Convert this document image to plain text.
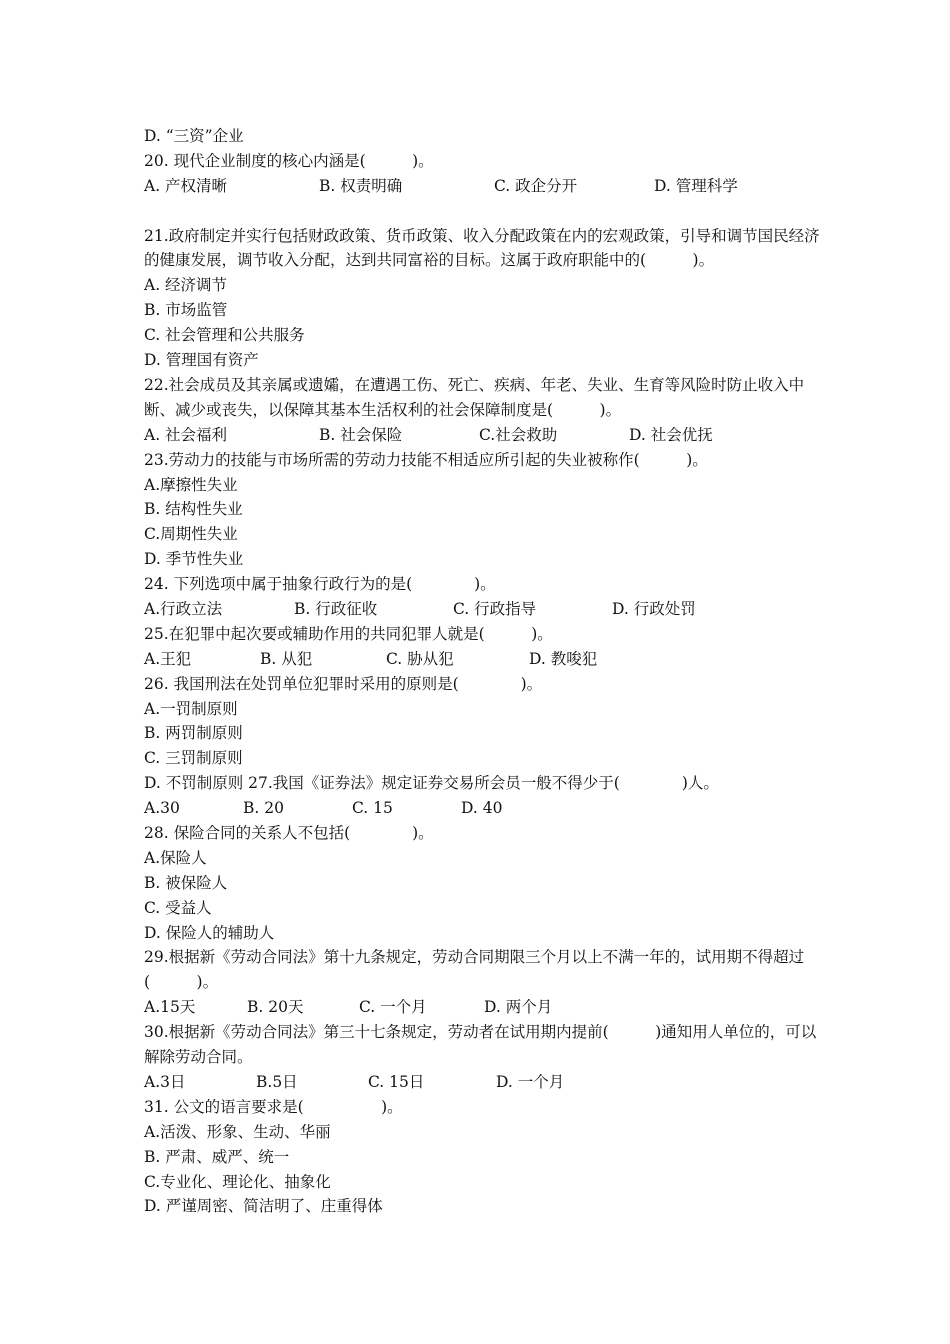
D. “三资”企业
20. 现代企业制度的核心内涵是(　　　)。
A. 产权清晰	B. 权责明确	C. 政企分开	D. 管理科学
21.政府制定并实行包括财政政策、货币政策、收入分配政策在内的宏观政策，引导和调节国民经济的健康发展，调节收入分配，达到共同富裕的目标。这属于政府职能中的(　　　)。
A. 经济调节
B. 市场监管
C. 社会管理和公共服务
D. 管理国有资产
22.社会成员及其亲属或遗孀，在遭遇工伤、死亡、疾病、年老、失业、生育等风险时防止收入中断、减少或丧失，以保障其基本生活权利的社会保障制度是(　　　)。
A. 社会福利	B. 社会保险	C.社会救助	D. 社会优抚
23.劳动力的技能与市场所需的劳动力技能不相适应所引起的失业被称作(　　　)。
A.摩擦性失业
B. 结构性失业
C.周期性失业
D. 季节性失业
24. 下列选项中属于抽象行政行为的是(　　　　)。
A.行政立法	B. 行政征收	C. 行政指导	D. 行政处罚
25.在犯罪中起次要或辅助作用的共同犯罪人就是(　　　)。
A.王犯	B. 从犯	C. 胁从犯	D. 教唆犯
26. 我国刑法在处罚单位犯罪时采用的原则是(　　　　)。
A.一罚制原则
B. 两罚制原则
C. 三罚制原则
D. 不罚制原则 27.我国《证券法》规定证券交易所会员一般不得少于(　　　　)人。
A.30	B. 20	C. 15	D. 40
28. 保险合同的关系人不包括(　　　　)。
A.保险人
B. 被保险人
C. 受益人
D. 保险人的辅助人
29.根据新《劳动合同法》第十九条规定，劳动合同期限三个月以上不满一年的，试用期不得超过(　　　)。
A.15天	B. 20天	C. 一个月	D. 两个月
30.根据新《劳动合同法》第三十七条规定，劳动者在试用期内提前(　　　)通知用人单位的，可以解除劳动合同。
A.3日	B.5日	C. 15日	D. 一个月
31. 公文的语言要求是(　　　　　)。
A.活泼、形象、生动、华丽
B. 严肃、威严、统一
C.专业化、理论化、抽象化
D. 严谨周密、简洁明了、庄重得体
